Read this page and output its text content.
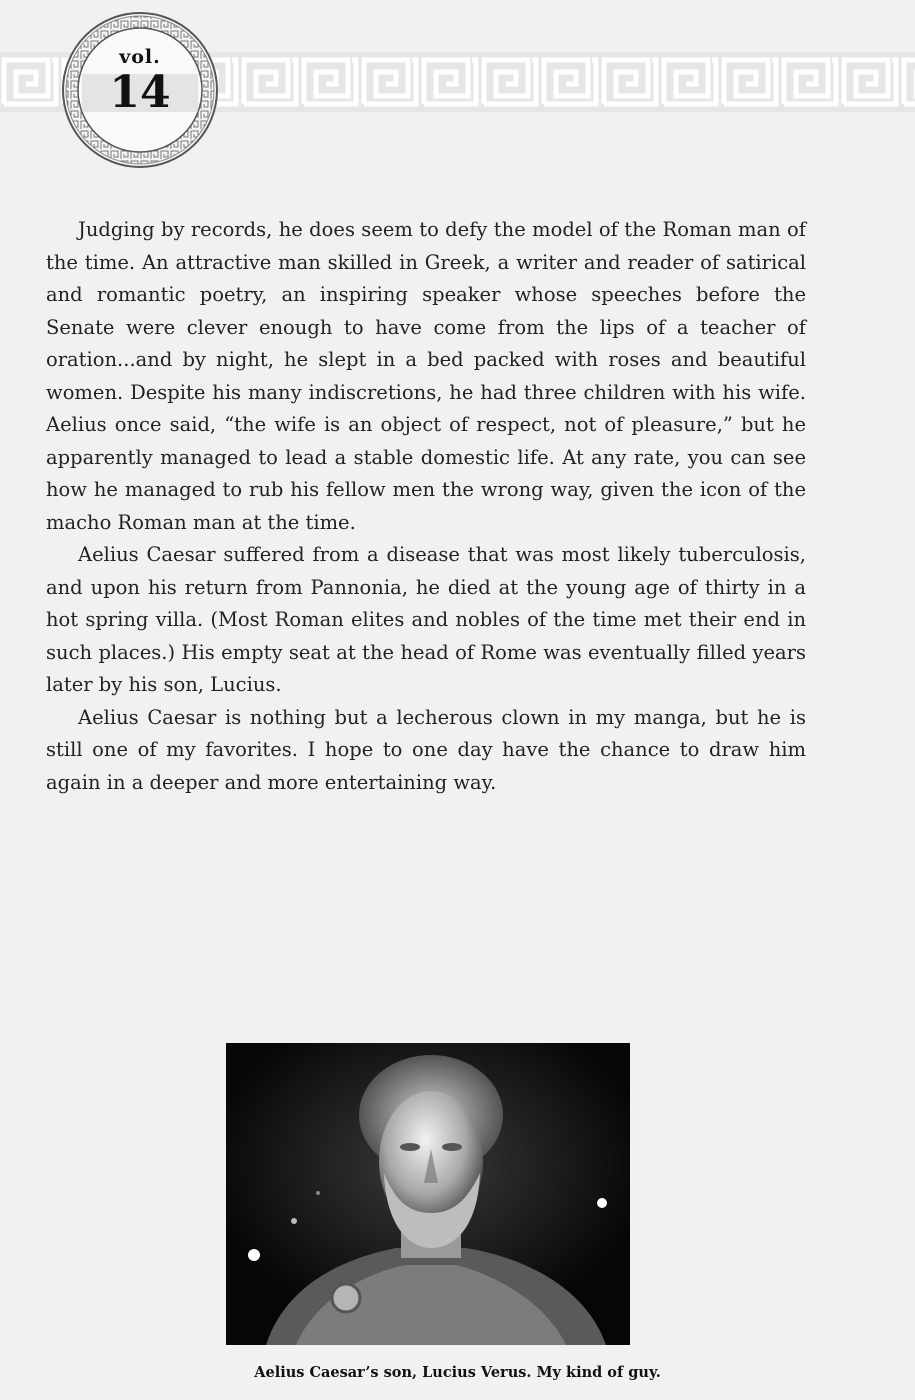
vol.
14

Judging by records, he does seem to defy the model of the Roman man of the time. An attractive man skilled in Greek, a writer and reader of satirical and romantic poetry, an inspiring speaker whose speeches before the Senate were clever enough to have come from the lips of a teacher of oration...and by night, he slept in a bed packed with roses and beautiful women. Despite his many indiscretions, he had three children with his wife. Aelius once said, “the wife is an object of respect, not of pleasure,” but he apparently managed to lead a stable domestic life. At any rate, you can see how he managed to rub his fellow men the wrong way, given the icon of the macho Roman man at the time.

Aelius Caesar suffered from a disease that was most likely tuberculosis, and upon his return from Pannonia, he died at the young age of thirty in a hot spring villa. (Most Roman elites and nobles of the time met their end in such places.) His empty seat at the head of Rome was eventually filled years later by his son, Lucius.

Aelius Caesar is nothing but a lecherous clown in my manga, but he is still one of my favorites. I hope to one day have the chance to draw him again in a deeper and more entertaining way.

Aelius Caesar’s son, Lucius Verus. My kind of guy.
